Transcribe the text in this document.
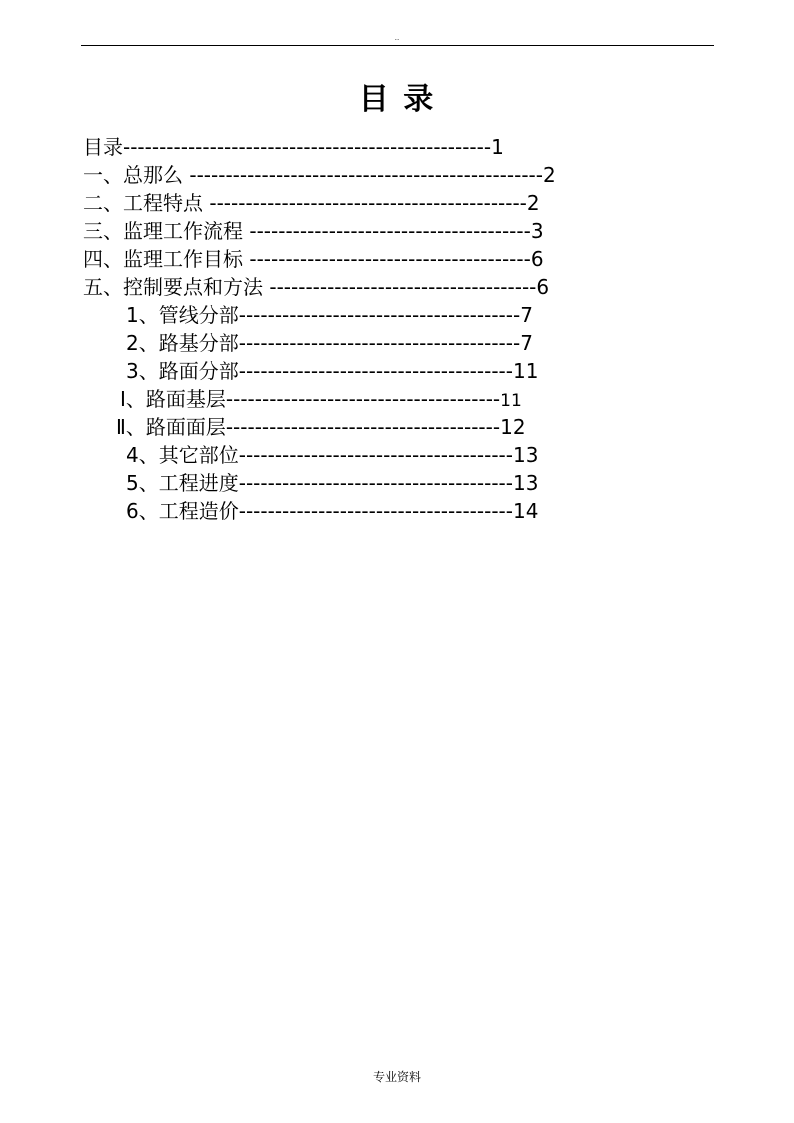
..
目 录
目录---------------------------------------------------1
一、总那么 -------------------------------------------------2
二、工程特点 --------------------------------------------2
三、监理工作流程 ---------------------------------------3
四、监理工作目标 ---------------------------------------6
五、控制要点和方法 -------------------------------------6
1、管线分部---------------------------------------7
2、路基分部---------------------------------------7
3、路面分部--------------------------------------11
Ⅰ、路面基层--------------------------------------11
Ⅱ、路面面层--------------------------------------12
4、其它部位--------------------------------------13
5、工程进度--------------------------------------13
6、工程造价--------------------------------------14
专业资料
